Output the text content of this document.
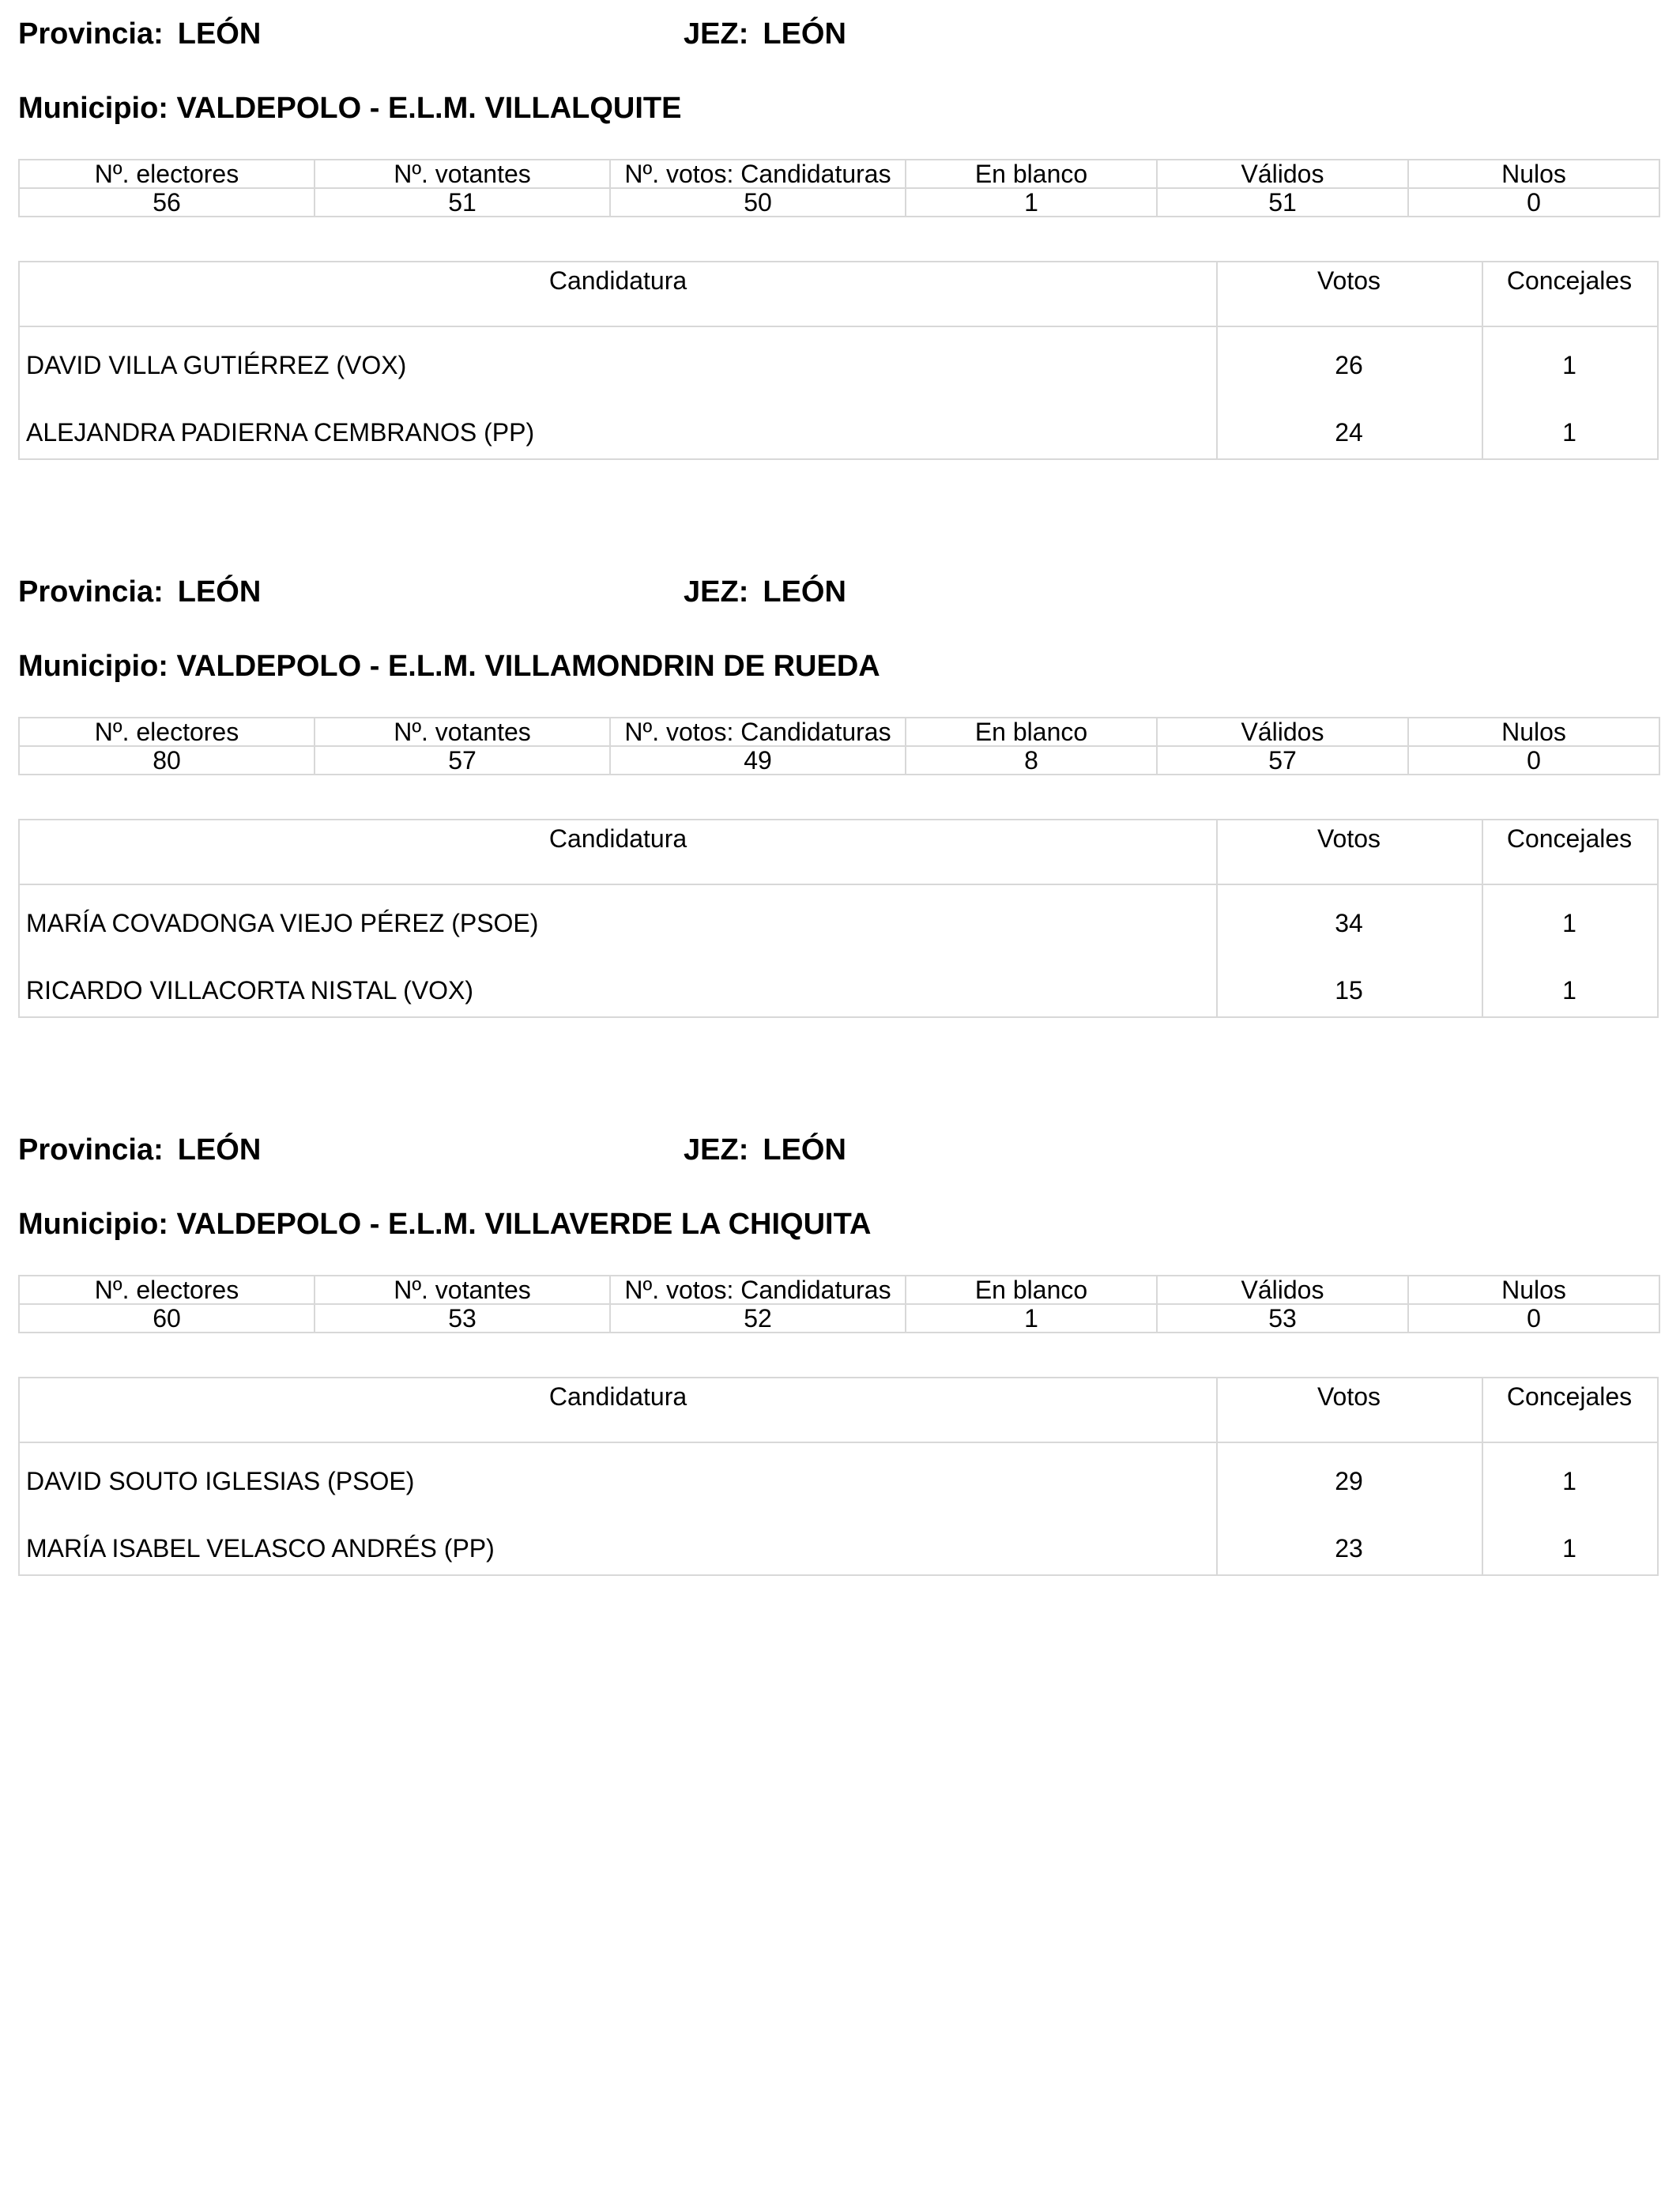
Provincia: LEÓN	JEZ: LEÓN
Municipio: VALDEPOLO - E.L.M. VILLALQUITE
Nº. electores	Nº. votantes	Nº. votos: Candidaturas	En blanco	Válidos	Nulos
56	51	50	1	51	0
Candidatura	Votos	Concejales
DAVID VILLA GUTIÉRREZ (VOX)	26	1
ALEJANDRA PADIERNA CEMBRANOS (PP)	24	1
Provincia: LEÓN	JEZ: LEÓN
Municipio: VALDEPOLO - E.L.M. VILLAMONDRIN DE RUEDA
Nº. electores	Nº. votantes	Nº. votos: Candidaturas	En blanco	Válidos	Nulos
80	57	49	8	57	0
Candidatura	Votos	Concejales
MARÍA COVADONGA VIEJO PÉREZ (PSOE)	34	1
RICARDO VILLACORTA NISTAL (VOX)	15	1
Provincia: LEÓN	JEZ: LEÓN
Municipio: VALDEPOLO - E.L.M. VILLAVERDE LA CHIQUITA
Nº. electores	Nº. votantes	Nº. votos: Candidaturas	En blanco	Válidos	Nulos
60	53	52	1	53	0
Candidatura	Votos	Concejales
DAVID SOUTO IGLESIAS (PSOE)	29	1
MARÍA ISABEL VELASCO ANDRÉS (PP)	23	1
